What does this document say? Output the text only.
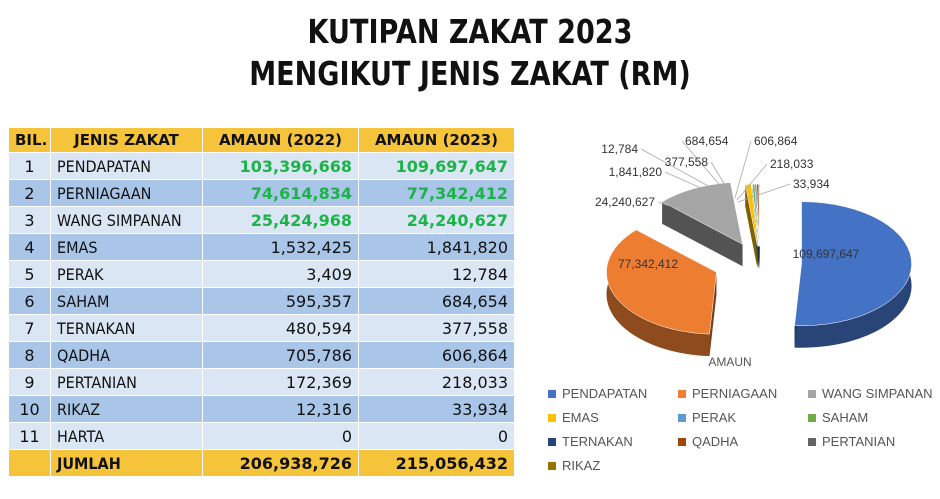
KUTIPAN ZAKAT 2023
MENGIKUT JENIS ZAKAT (RM)
BIL.	JENIS ZAKAT	AMAUN (2022)	AMAUN (2023)
1	PENDAPATAN	103,396,668	109,697,647
2	PERNIAGAAN	74,614,834	77,342,412
3	WANG SIMPANAN	25,424,968	24,240,627
4	EMAS	1,532,425	1,841,820
5	PERAK	3,409	12,784
6	SAHAM	595,357	684,654
7	TERNAKAN	480,594	377,558
8	QADHA	705,786	606,864
9	PERTANIAN	172,369	218,033
10	RIKAZ	12,316	33,934
11	HARTA	0	0
	JUMLAH	206,938,726	215,056,432
109,697,647
77,342,412
24,240,627
1,841,820
12,784
684,654
377,558
606,864
218,033
33,934
AMAUN
PENDAPATAN	PERNIAGAAN	WANG SIMPANAN
EMAS	PERAK	SAHAM
TERNAKAN	QADHA	PERTANIAN
RIKAZ
